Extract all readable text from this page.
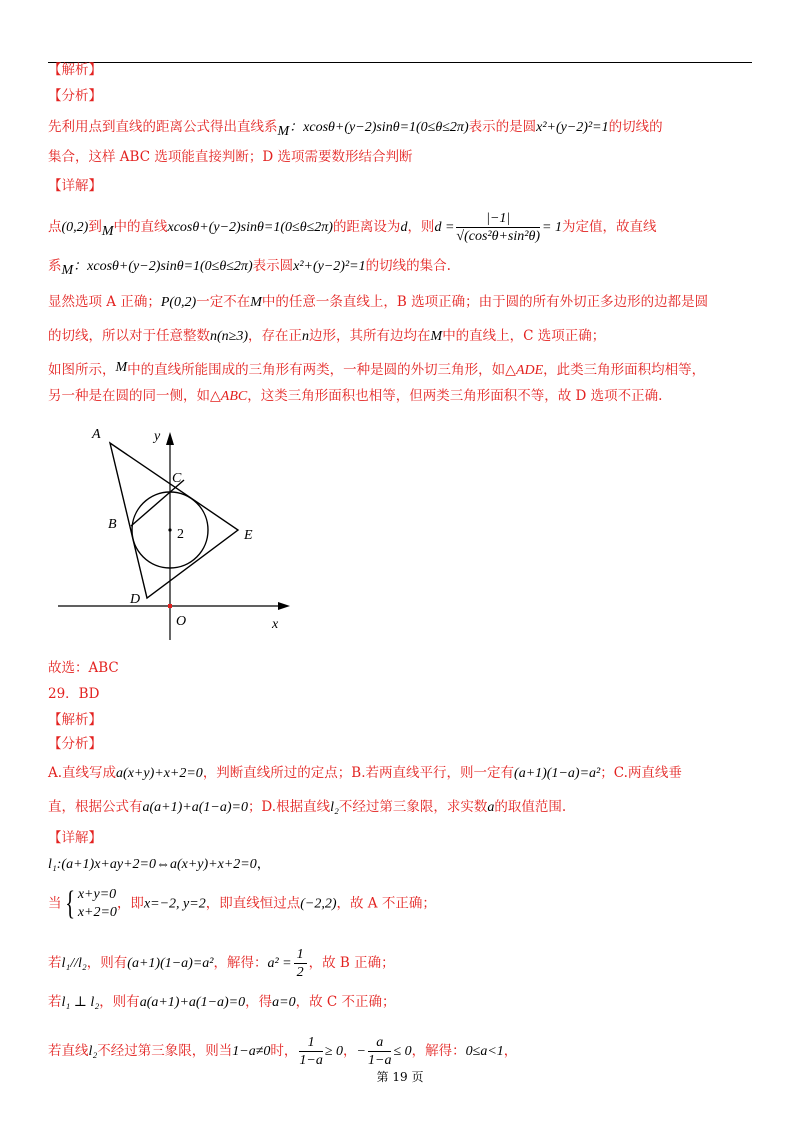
【解析】
【分析】
先利用点到直线的距离公式得出直线系M：xcosθ+(y−2)sinθ=1(0≤θ≤2π)表示的是圆x²+(y−2)²=1的切线的
集合，这样 ABC 选项能直接判断；D 选项需要数形结合判断
【详解】
点(0,2)到M中的直线xcosθ+(y−2)sinθ=1(0≤θ≤2π)的距离设为d，则$d = \frac{|-1|}{\text{√(cos²θ+sin²θ)}} = 1$为定值，故直线
系M：xcosθ+(y−2)sinθ=1(0≤θ≤2π)表示圆x²+(y−2)²=1的切线的集合.
显然选项 A 正确；P(0,2)一定不在M中的任意一条直线上，B 选项正确；由于圆的所有外切正多边形的边都是圆
的切线，所以对于任意整数n(n≥3)，存在正n边形，其所有边均在M中的直线上，C 选项正确；
如图所示，M中的直线所能围成的三角形有两类，一种是圆的外切三角形，如△ADE，此类三角形面积均相等，
另一种是在圆的同一侧，如△ABC，这类三角形面积也相等，但两类三角形面积不等，故 D 选项不正确.
A
B
C
D
E
O	x
y
2
故选：ABC
29．BD
【解析】
【分析】
A.直线写成a(x+y)+x+2=0，判断直线所过的定点；B.若两直线平行，则一定有(a+1)(1−a)=a²；C.两直线垂
直，根据公式有a(a+1)+a(1−a)=0；D.根据直线l₂不经过第三象限，求实数a的取值范围.
【详解】
l₁:(a+1)x+ay+2=0⇔a(x+y)+x+2=0，
当{ x+y=0
x+2=0
，即x=−2, y=2，即直线恒过点(−2,2)，故 A 不正确；
若l₁//l₂，则有(a+1)(1−a)=a²，解得：$a^2 = \frac{1}{2}$ ，故 B 正确；
若l₁ ⊥ l₂，则有a(a+1)+a(1−a)=0，得a=0，故 C 不正确；
若直线l₂不经过第三象限，则当1−a≠0时， $\frac{1}{1-a} \ge 0$，− $\frac{a}{1-a} \le 0$，解得：0≤a<1，
第 19 页
